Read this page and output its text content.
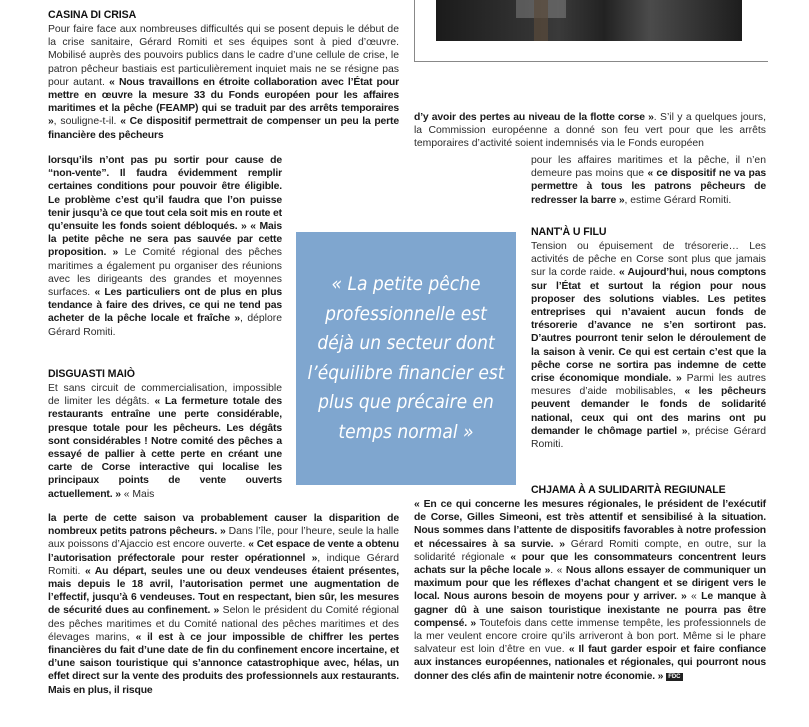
CASINA DI CRISA

Pour faire face aux nombreuses difficultés qui se posent depuis le début de la crise sanitaire, Gérard Romiti et ses équipes sont à pied d’œuvre. Mobilisé auprès des pouvoirs publics dans le cadre d’une cellule de crise, le patron pêcheur bastiais est particulièrement inquiet mais ne se résigne pas pour autant. « Nous travaillons en étroite collaboration avec l’État pour mettre en œuvre la mesure 33 du Fonds européen pour les affaires maritimes et la pêche (FEAMP) qui se traduit par des arrêts temporaires », souligne-t-il. « Ce dispositif permettrait de compenser un peu la perte financière des pêcheurs

lorsqu’ils n’ont pas pu sortir pour cause de “non-vente”. Il faudra évidemment remplir certaines conditions pour pouvoir être éligible. Le problème c’est qu’il faudra que l’on puisse tenir jusqu’à ce que tout cela soit mis en route et qu’ensuite les fonds soient débloqués. » « Mais la petite pêche ne sera pas sauvée par cette proposition. » Le Comité régional des pêches maritimes a également pu organiser des réunions avec les dirigeants des grandes et moyennes surfaces. « Les particuliers ont de plus en plus tendance à faire des drives, ce qui ne tend pas acheter de la pêche locale et fraîche », déplore Gérard Romiti.

DISGUASTI MAIÒ

Et sans circuit de commercialisation, impossible de limiter les dégâts. « La fermeture totale des restaurants entraîne une perte considérable, presque totale pour les pêcheurs. Les dégâts sont considérables ! Notre comité des pêches a essayé de pallier à cette perte en créant une carte de Corse interactive qui localise les principaux points de vente ouverts actuellement. » « Mais

la perte de cette saison va probablement causer la disparition de nombreux petits patrons pêcheurs. » Dans l’île, pour l’heure, seule la halle aux poissons d’Ajaccio est encore ouverte. « Cet espace de vente a obtenu l’autorisation préfectorale pour rester opérationnel », indique Gérard Romiti. « Au départ, seules une ou deux vendeuses étaient présentes, mais depuis le 18 avril, l’autorisation permet une augmentation de l’effectif, jusqu’à 6 vendeuses. Tout en respectant, bien sûr, les mesures de sécurité dues au confinement. » Selon le président du Comité régional des pêches maritimes et du Comité national des pêches maritimes et des élevages marins, « il est à ce jour impossible de chiffrer les pertes financières du fait d’une date de fin du confinement encore incertaine, et d’une saison touristique qui s’annonce catastrophique avec, hélas, un effet direct sur la vente des produits des professionnels aux restaurants. Mais en plus, il risque

d’y avoir des pertes au niveau de la flotte corse ». S’il y a quelques jours, la Commission européenne a donné son feu vert pour que les arrêts temporaires d’activité soient indemnisés via le Fonds européen

pour les affaires maritimes et la pêche, il n’en demeure pas moins que « ce dispositif ne va pas permettre à tous les patrons pêcheurs de redresser la barre », estime Gérard Romiti.

NANT'À U FILU

Tension ou épuisement de trésorerie… Les activités de pêche en Corse sont plus que jamais sur la corde raide. « Aujourd’hui, nous comptons sur l’État et surtout la région pour nous proposer des solutions viables. Les petites entreprises qui n’avaient aucun fonds de trésorerie d’avance ne s’en sortiront pas. D’autres pourront tenir selon le déroulement de la saison à venir. Ce qui est certain c’est que la pêche corse ne sortira pas indemne de cette crise économique mondiale. » Parmi les autres mesures d’aide mobilisables, « les pêcheurs peuvent demander le fonds de solidarité national, ceux qui ont des marins ont pu demander le chômage partiel », précise Gérard Romiti.

CHJAMA À A SULIDARITÀ REGIUNALE

« En ce qui concerne les mesures régionales, le président de l’exécutif de Corse, Gilles Simeoni, est très attentif et sensibilisé à la situation. Nous sommes dans l’attente de dispositifs favorables à notre profession et nécessaires à sa survie. » Gérard Romiti compte, en outre, sur la solidarité régionale « pour que les consommateurs concentrent leurs achats sur la pêche locale ». « Nous allons essayer de communiquer un maximum pour que les réflexes d’achat changent et se dirigent vers le local. Nous aurons besoin de moyens pour y arriver. » « Le manque à gagner dû à une saison touristique inexistante ne pourra pas être compensé. » Toutefois dans cette immense tempête, les professionnels de la mer veulent encore croire qu’ils arriveront à bon port. Même si le phare salvateur est loin d’être en vue. « Il faut garder espoir et faire confiance aux instances européennes, nationales et régionales, qui pourront nous donner des clés afin de maintenir notre économie. » FDC

« La petite pêche professionnelle est déjà un secteur dont l’équilibre financier est plus que précaire en temps normal »
